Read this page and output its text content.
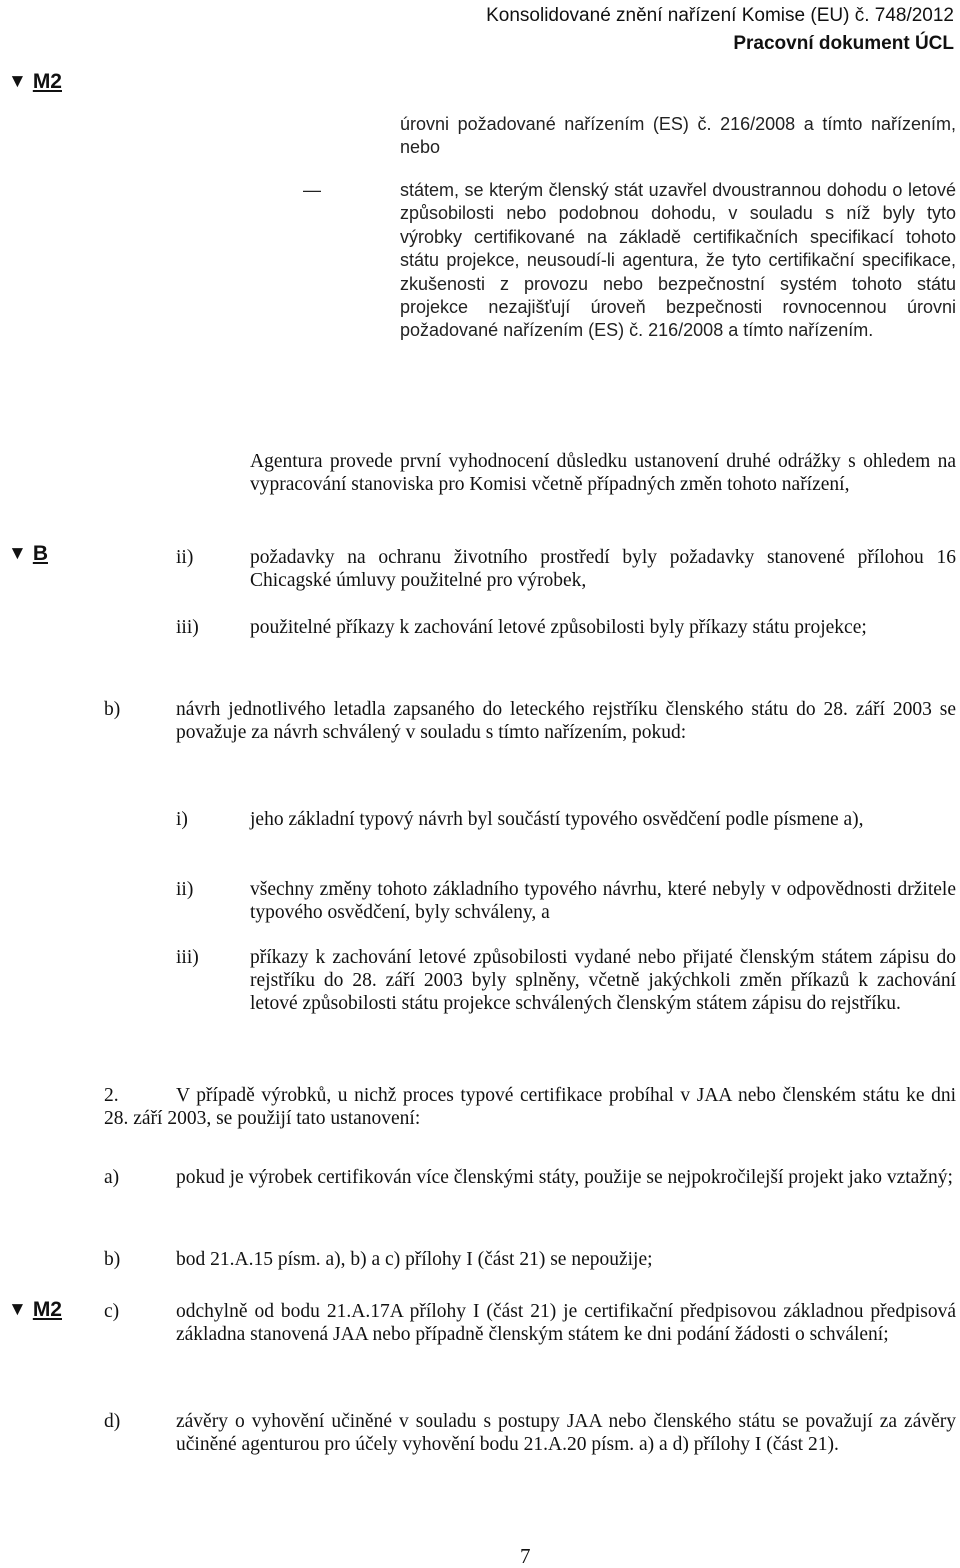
Konsolidované znění nařízení Komise (EU) č. 748/2012
Pracovní dokument ÚCL
▼ M2
▼ B
▼ M2
úrovni požadované nařízením (ES) č. 216/2008 a tímto nařízením, nebo
—	státem, se kterým členský stát uzavřel dvoustrannou dohodu o letové způsobilosti nebo podobnou dohodu, v souladu s níž byly tyto výrobky certifikované na základě certifikačních specifikací tohoto státu projekce, neusoudí-li agentura, že tyto certifikační specifikace, zkušenosti z provozu nebo bezpečnostní systém tohoto státu projekce nezajišťují úroveň bezpečnosti rovnocennou úrovni požadované nařízením (ES) č. 216/2008 a tímto nařízením.
Agentura provede první vyhodnocení důsledku ustanovení druhé odrážky s ohledem na vypracování stanoviska pro Komisi včetně případných změn tohoto nařízení,
ii)	požadavky na ochranu životního prostředí byly požadavky stanovené přílohou 16 Chicagské úmluvy použitelné pro výrobek,
iii)	použitelné příkazy k zachování letové způsobilosti byly příkazy státu projekce;
b)	návrh jednotlivého letadla zapsaného do leteckého rejstříku členského státu do 28. září 2003 se považuje za návrh schválený v souladu s tímto nařízením, pokud:
i)	jeho základní typový návrh byl součástí typového osvědčení podle písmene a),
ii)	všechny změny tohoto základního typového návrhu, které nebyly v odpovědnosti držitele typového osvědčení, byly schváleny, a
iii)	příkazy k zachování letové způsobilosti vydané nebo přijaté členským státem zápisu do rejstříku do 28. září 2003 byly splněny, včetně jakýchkoli změn příkazů k zachování letové způsobilosti státu projekce schválených členským státem zápisu do rejstříku.
2.	V případě výrobků, u nichž proces typové certifikace probíhal v JAA nebo členském státu ke dni 28. září 2003, se použijí tato ustanovení:
a)	pokud je výrobek certifikován více členskými státy, použije se nejpokročilejší projekt jako vztažný;
b)	bod 21.A.15 písm. a), b) a c) přílohy I (část 21) se nepoužije;
c)	odchylně od bodu 21.A.17A přílohy I (část 21) je certifikační předpisovou základnou předpisová základna stanovená JAA nebo případně členským státem ke dni podání žádosti o schválení;
d)	závěry o vyhovění učiněné v souladu s postupy JAA nebo členského státu se považují za závěry učiněné agenturou pro účely vyhovění bodu 21.A.20 písm. a) a d) přílohy I (část 21).
7
